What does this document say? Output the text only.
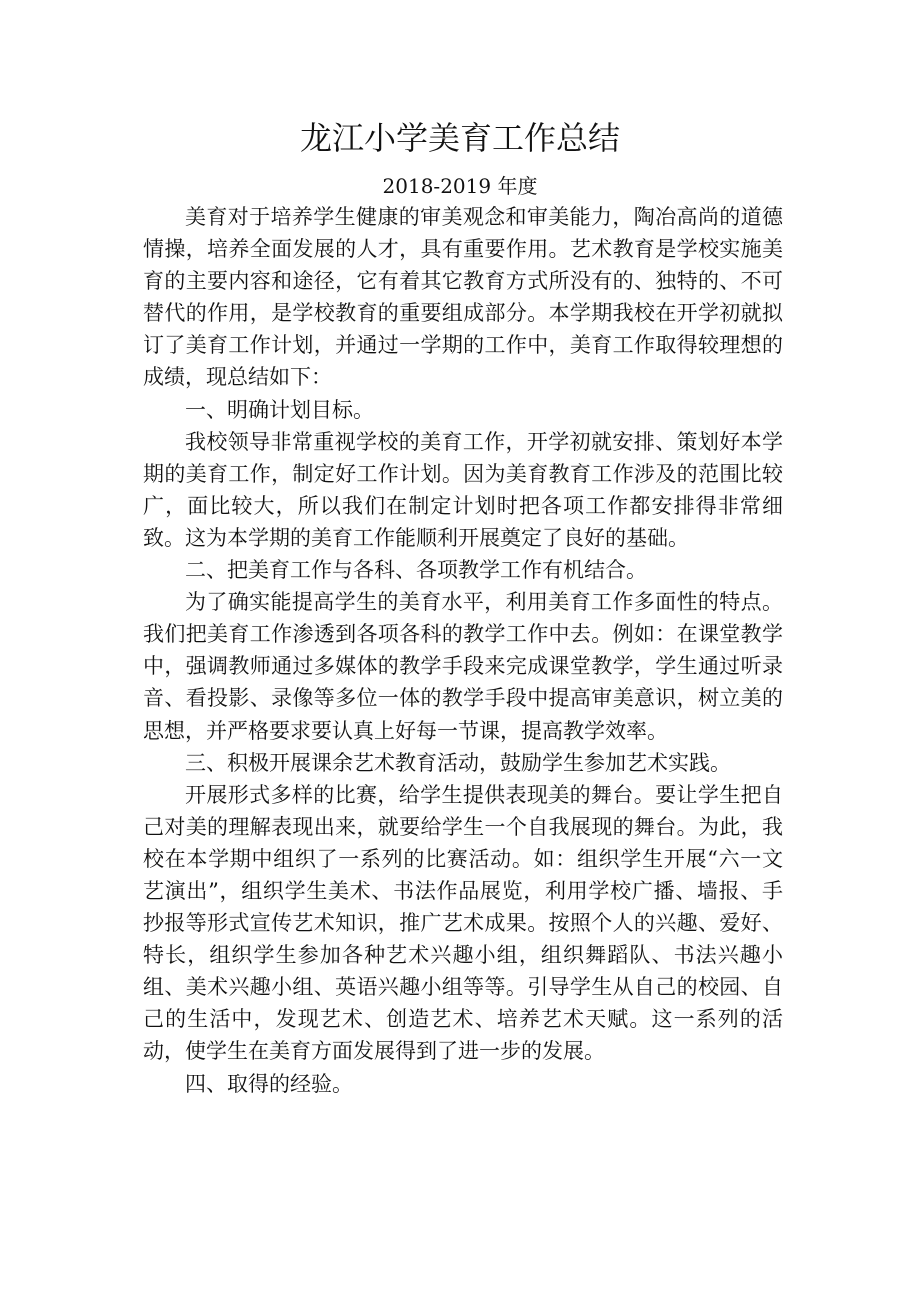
龙江小学美育工作总结
2018-2019 年度

美育对于培养学生健康的审美观念和审美能力，陶冶高尚的道德情操，培养全面发展的人才，具有重要作用。艺术教育是学校实施美育的主要内容和途径，它有着其它教育方式所没有的、独特的、不可替代的作用，是学校教育的重要组成部分。本学期我校在开学初就拟订了美育工作计划，并通过一学期的工作中，美育工作取得较理想的成绩，现总结如下：

一、明确计划目标。

我校领导非常重视学校的美育工作，开学初就安排、策划好本学期的美育工作，制定好工作计划。因为美育教育工作涉及的范围比较广，面比较大，所以我们在制定计划时把各项工作都安排得非常细致。这为本学期的美育工作能顺利开展奠定了良好的基础。

二、把美育工作与各科、各项教学工作有机结合。

为了确实能提高学生的美育水平，利用美育工作多面性的特点。我们把美育工作渗透到各项各科的教学工作中去。例如：在课堂教学中，强调教师通过多媒体的教学手段来完成课堂教学，学生通过听录音、看投影、录像等多位一体的教学手段中提高审美意识，树立美的思想，并严格要求要认真上好每一节课，提高教学效率。

三、积极开展课余艺术教育活动，鼓励学生参加艺术实践。

开展形式多样的比赛，给学生提供表现美的舞台。要让学生把自己对美的理解表现出来，就要给学生一个自我展现的舞台。为此，我校在本学期中组织了一系列的比赛活动。如：组织学生开展“六一文艺演出”，组织学生美术、书法作品展览，利用学校广播、墙报、手抄报等形式宣传艺术知识，推广艺术成果。按照个人的兴趣、爱好、特长，组织学生参加各种艺术兴趣小组，组织舞蹈队、书法兴趣小组、美术兴趣小组、英语兴趣小组等等。引导学生从自己的校园、自己的生活中，发现艺术、创造艺术、培养艺术天赋。这一系列的活动，使学生在美育方面发展得到了进一步的发展。

四、取得的经验。
